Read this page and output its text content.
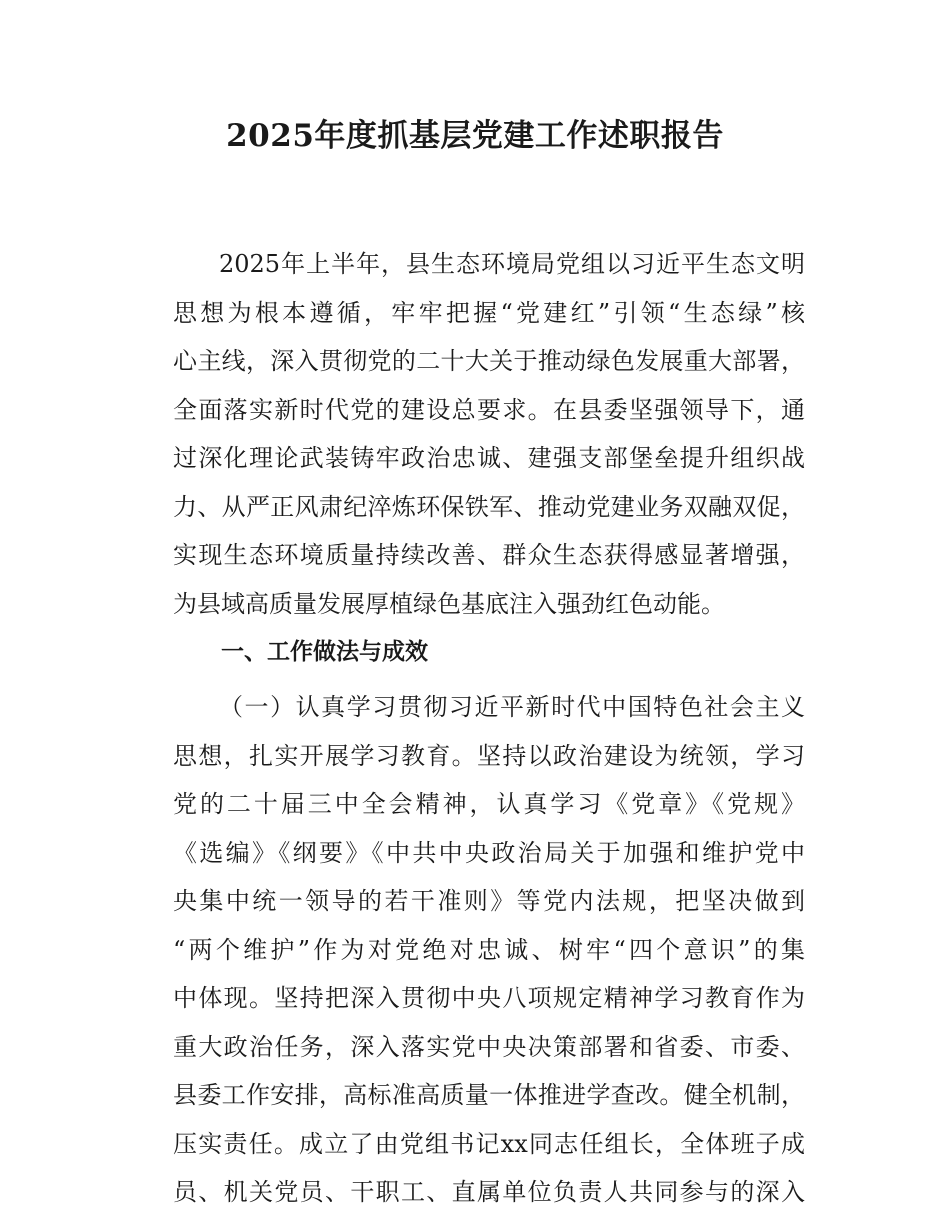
2025年度抓基层党建工作述职报告
2025年上半年，县生态环境局党组以习近平生态文明
思想为根本遵循，牢牢把握“党建红”引领“生态绿”核
心主线，深入贯彻党的二十大关于推动绿色发展重大部署，
全面落实新时代党的建设总要求。在县委坚强领导下，通
过深化理论武装铸牢政治忠诚、建强支部堡垒提升组织战
力、从严正风肃纪淬炼环保铁军、推动党建业务双融双促，
实现生态环境质量持续改善、群众生态获得感显著增强，
为县域高质量发展厚植绿色基底注入强劲红色动能。
一、工作做法与成效
（一）认真学习贯彻习近平新时代中国特色社会主义
思想，扎实开展学习教育。坚持以政治建设为统领，学习
党的二十届三中全会精神，认真学习《党章》《党规》
《选编》《纲要》《中共中央政治局关于加强和维护党中
央集中统一领导的若干准则》等党内法规，把坚决做到
“两个维护”作为对党绝对忠诚、树牢“四个意识”的集
中体现。坚持把深入贯彻中央八项规定精神学习教育作为
重大政治任务，深入落实党中央决策部署和省委、市委、
县委工作安排，高标准高质量一体推进学查改。健全机制，
压实责任。成立了由党组书记xx同志任组长，全体班子成
员、机关党员、干职工、直属单位负责人共同参与的深入
